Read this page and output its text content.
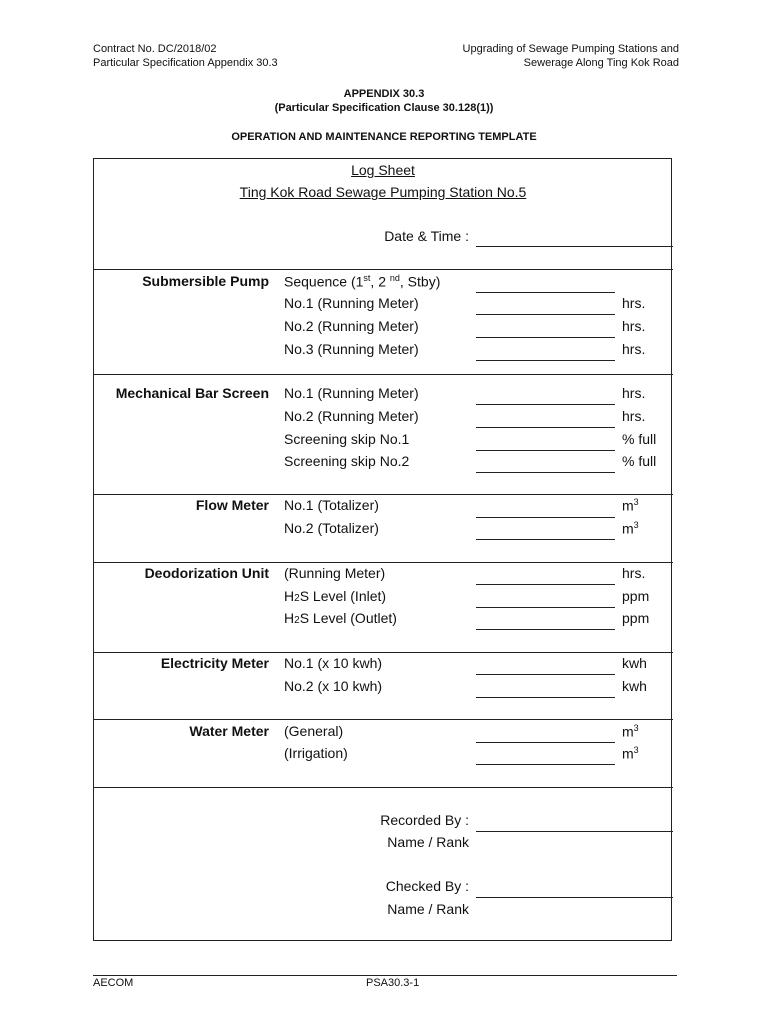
Contract No. DC/2018/02
Particular Specification Appendix 30.3
Upgrading of Sewage Pumping Stations and
Sewerage Along Ting Kok Road
APPENDIX 30.3
(Particular Specification Clause 30.128(1))
OPERATION AND MAINTENANCE REPORTING TEMPLATE
Log Sheet
Ting Kok Road Sewage Pumping Station No.5
Date & Time :
Submersible Pump Sequence (1st, 2 $^{nd}$, Stby)
No.1 (Running Meter)	hrs.
No.2 (Running Meter)	hrs.
No.3 (Running Meter)	hrs.
Mechanical Bar Screen No.1 (Running Meter)	hrs.
No.2 (Running Meter)	hrs.
Screening skip No.1	% full
Screening skip No.2	% full
Flow Meter No.1 (Totalizer)	$m^3$
No.2 (Totalizer)	$m^3$
Deodorization Unit (Running Meter)	hrs.
H2S Level (Inlet)	ppm
H2S Level (Outlet)	ppm
Electricity Meter No.1 (x 10 kwh)	kwh
No.2 (x 10 kwh)	kwh
Water Meter (General)	$m^3$
(Irrigation)	$m^3$
Recorded By :
Name / Rank
Checked By :
Name / Rank
AECOM	PSA30.3-1
